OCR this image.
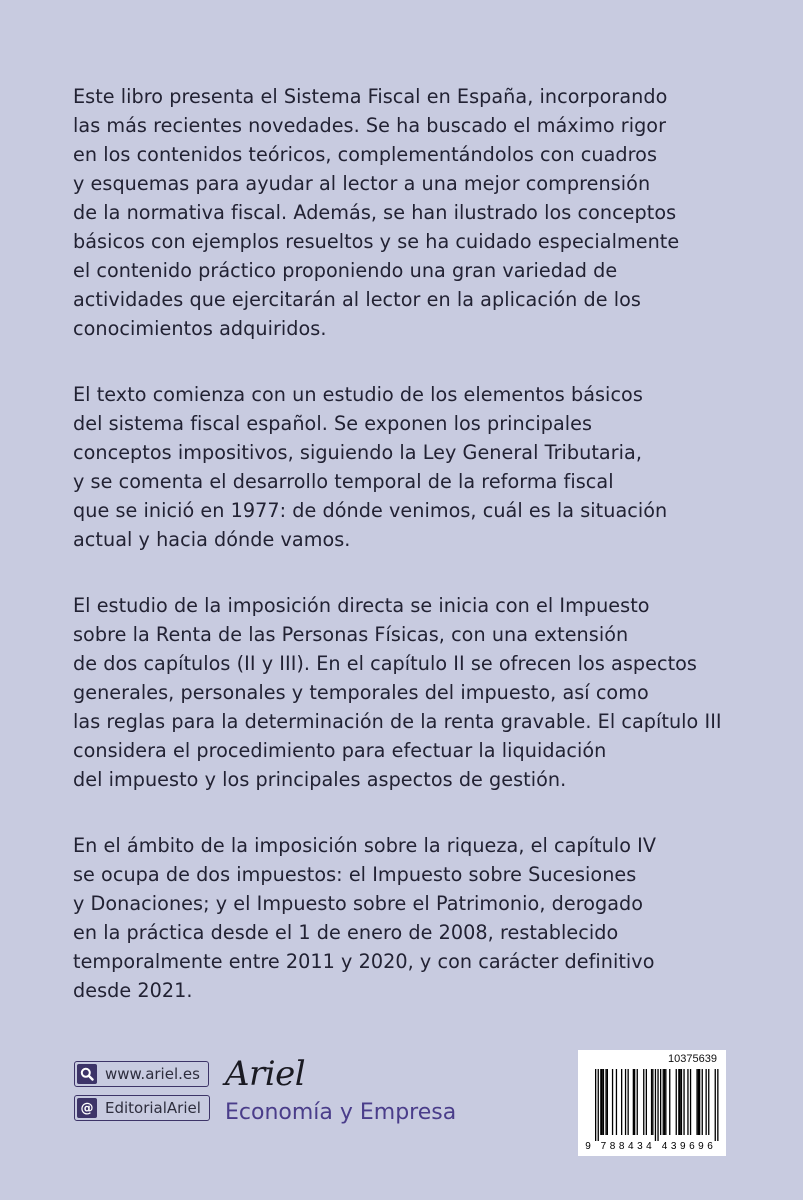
Este libro presenta el Sistema Fiscal en España, incorporando
las más recientes novedades. Se ha buscado el máximo rigor
en los contenidos teóricos, complementándolos con cuadros
y esquemas para ayudar al lector a una mejor comprensión
de la normativa fiscal. Además, se han ilustrado los conceptos
básicos con ejemplos resueltos y se ha cuidado especialmente
el contenido práctico proponiendo una gran variedad de
actividades que ejercitarán al lector en la aplicación de los
conocimientos adquiridos.

El texto comienza con un estudio de los elementos básicos
del sistema fiscal español. Se exponen los principales
conceptos impositivos, siguiendo la Ley General Tributaria,
y se comenta el desarrollo temporal de la reforma fiscal
que se inició en 1977: de dónde venimos, cuál es la situación
actual y hacia dónde vamos.

El estudio de la imposición directa se inicia con el Impuesto
sobre la Renta de las Personas Físicas, con una extensión
de dos capítulos (II y III). En el capítulo II se ofrecen los aspectos
generales, personales y temporales del impuesto, así como
las reglas para la determinación de la renta gravable. El capítulo III
considera el procedimiento para efectuar la liquidación
del impuesto y los principales aspectos de gestión.

En el ámbito de la imposición sobre la riqueza, el capítulo IV
se ocupa de dos impuestos: el Impuesto sobre Sucesiones
y Donaciones; y el Impuesto sobre el Patrimonio, derogado
en la práctica desde el 1 de enero de 2008, restablecido
temporalmente entre 2011 y 2020, y con carácter definitivo
desde 2021.

www.ariel.es
@ EditorialAriel
Ariel
Economía y Empresa
10375639
9 7 8 8 4 3 4 4 3 9 6 9 6
